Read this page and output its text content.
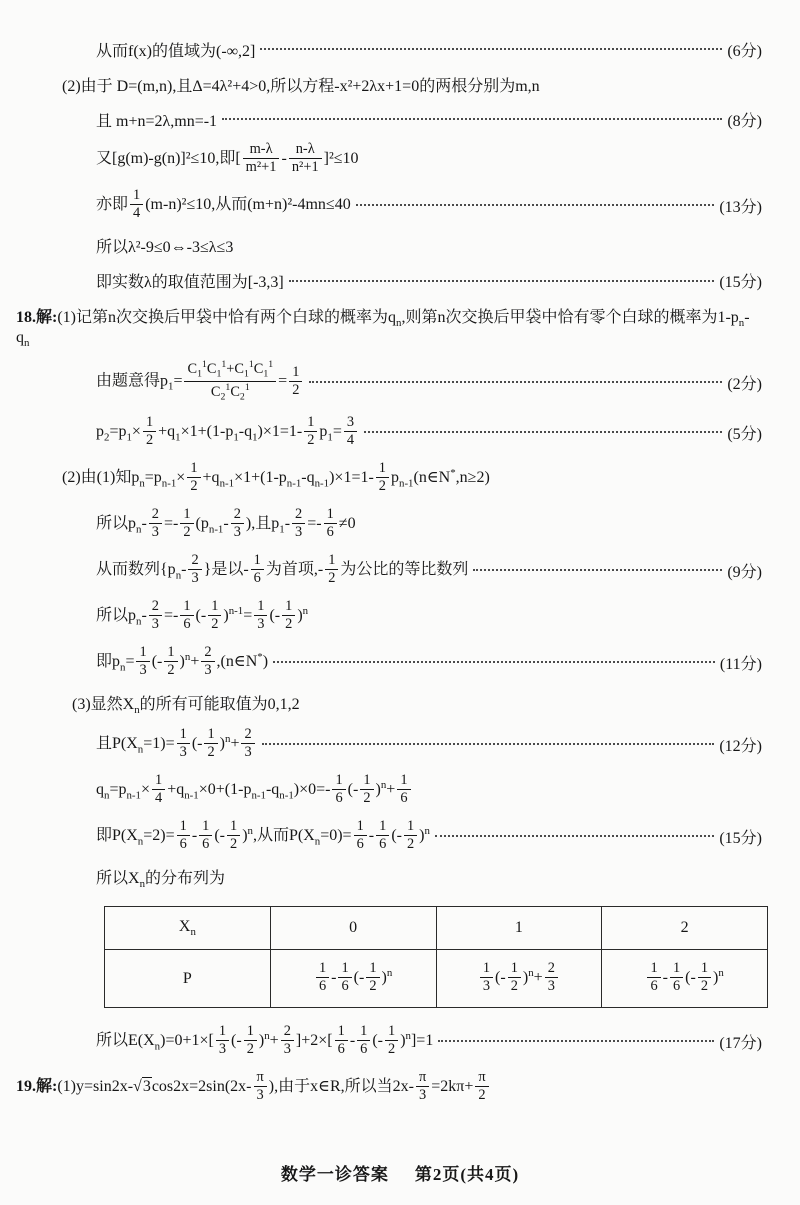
从而f(x)的值域为(-∞,2]	(6分)
(2)由于 D=(m,n),且Δ=4λ²+4>0,所以方程-x²+2λx+1=0的两根分别为m,n
且 m+n=2λ,mn=-1	(8分)
又[g(m)-g(n)]²≤10,即[ $\frac{m-\lambda}{\text{m²+1}} - \frac{n-\lambda}{\text{n²+1}} ]^2\le 10$
亦即 $\frac{1}{4} (m-n)^2\le 10$,从而(m+n)²-4mn≤40	(13分)
所以λ²-9≤0⇔-3≤λ≤3
即实数λ的取值范围为[-3,3]	(15分)
18.解:(1)记第n次交换后甲袋中恰有两个白球的概率为$q_n$,则第n次交换后甲袋中恰有零个白球的概率为$1-p_n-q_n$
由题意得$p_1= \frac{C_1^1C_1^1+C_1^1C_1^1}{C_2^1C_2^1} = \frac{1}{2}$	(2分)
$p_2=p_1\times \frac{1}{2} +q_1\times 1+(1-p_1-q_1)\times 1=1- \frac{1}{2} p_1= \frac{3}{4}$	(5分)
(2)由(1)知$p_n=p_{n-1}\times \frac{1}{2} +q_{n-1}\times 1+(1-p_{n-1}-q_{n-1})\times 1=1- \frac{1}{2}$ $p_{n-1}(n\in N^*,n\ge 2)$
所以$p_n- \frac{2}{3} =- \frac{1}{2} (p_{n-1}- \frac{2}{3}$ ),且$p_1- \frac{2}{3} =- \frac{1}{6} \ne 0$
从而数列{$p_n- \frac{2}{3}$ }是以- $\frac{1}{6}$ 为首项,- $\frac{1}{2}$ 为公比的等比数列	(9分)
所以$p_n- \frac{2}{3} =- \frac{1}{6}$ (- $\frac{1}{2} )^{n-1}= \frac{1}{3}$ (- $\frac{1}{2} )^n$
即$p_n= \frac{1}{3}$ (- $\frac{1}{2} )^n+ \frac{2}{3}$ ,(n∈N*)	(11分)
(3)显然$X_n$的所有可能取值为0,1,2
且$P(X_n=1)= \frac{1}{3}$ (- $\frac{1}{2} )^n+ \frac{2}{3}$	(12分)
$q_n=p_{n-1}\times \frac{1}{4} +q_{n-1}\times 0+(1-p_{n-1}-q_{n-1})\times 0=- \frac{1}{6}$ (- $\frac{1}{2} )^n+ \frac{1}{6}$
即$P(X_n=2)= \frac{1}{6} - \frac{1}{6}$ (- $\frac{1}{2} )^n$,从而$P(X_n=0)= \frac{1}{6} - \frac{1}{6}$ (- $\frac{1}{2} )^n$	(15分)
所以$X_n$的分布列为
$X_n$	0	1	2
P	$\frac{1}{6} - \frac{1}{6}$ (- $\frac{1}{2} )^n$	$\frac{1}{3}$ (- $\frac{1}{2} )^n+ \frac{2}{3}$	$\frac{1}{6} - \frac{1}{6}$ (- $\frac{1}{2} )^n$
所以$E(X_n)=0+1\times[ \frac{1}{3}$ (- $\frac{1}{2} )^n+ \frac{2}{3} ]+2\times[ \frac{1}{6} - \frac{1}{6}$ (- $\frac{1}{2} )^n]=1$	(17分)
19.解:(1)y=sin2x-√3cos2x=2sin(2x- $\frac{\pi}{3}$ ),由于x∈R,所以当$2x- \frac{\pi}{3} =2k\pi+ \frac{\pi}{2}$
数学一诊答案 第2页(共4页)
